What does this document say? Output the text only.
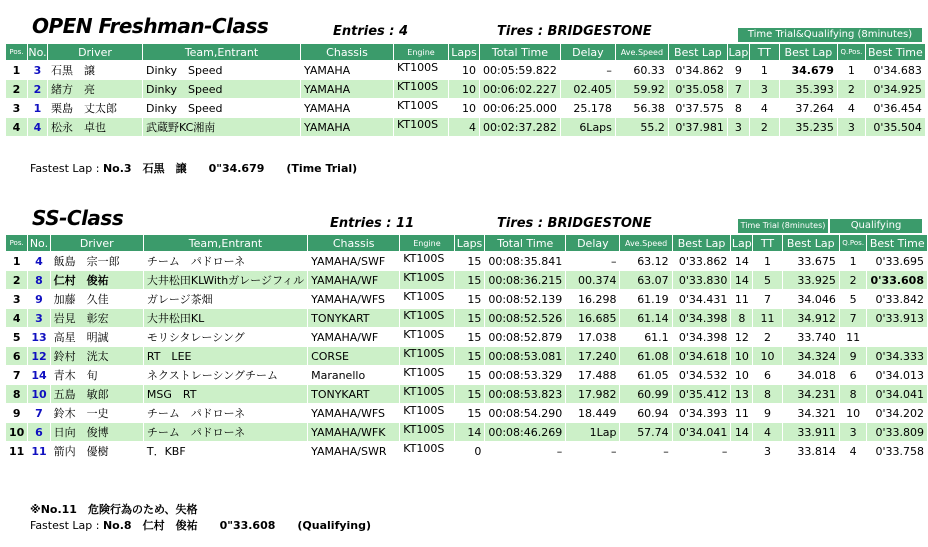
OPEN Freshman-Class	Entries : 4	Tires : BRIDGESTONE	Time Trial&Qualifying (8minutes)
Pos.	No.	Driver	Team,Entrant	Chassis	Engine	Laps	Total Time	Delay	Ave.Speed	Best Lap	Lap	TT	Best Lap	Q.Pos.	Best Time
1	3	石黒　譲	Dinky　Speed	YAMAHA	KT100S	10	00:05:59.822	–	60.33	0'34.862	9	1	34.679	1	0'34.683
2	2	緒方　亮	Dinky　Speed	YAMAHA	KT100S	10	00:06:02.227	02.405	59.92	0'35.058	7	3	35.393	2	0'34.925
3	1	栗島　丈太郎	Dinky　Speed	YAMAHA	KT100S	10	00:06:25.000	25.178	56.38	0'37.575	8	4	37.264	4	0'36.454
4	4	松永　卓也	武蔵野KC湘南	YAMAHA	KT100S	4	00:02:37.282	6Laps	55.2	0'37.981	3	2	35.235	3	0'35.504
Fastest Lap : No.3　石黒　譲　　0"34.679　　(Time Trial)
SS-Class	Entries : 11	Tires : BRIDGESTONE	Time Trial (8minutes)	Qualifying
Pos.	No.	Driver	Team,Entrant	Chassis	Engine	Laps	Total Time	Delay	Ave.Speed	Best Lap	Lap	TT	Best Lap	Q.Pos.	Best Time
1	4	飯島　宗一郎	チーム　パドローネ	YAMAHA/SWF	KT100S	15	00:08:35.841	–	63.12	0'33.862	14	1	33.675	1	0'33.695
2	8	仁村　俊祐	大井松田KLWithガレージフィル	YAMAHA/WF	KT100S	15	00:08:36.215	00.374	63.07	0'33.830	14	5	33.925	2	0'33.608
3	9	加藤　久佳	ガレージ茶畑	YAMAHA/WFS	KT100S	15	00:08:52.139	16.298	61.19	0'34.431	11	7	34.046	5	0'33.842
4	3	岩見　彰宏	大井松田KL	TONYKART	KT100S	15	00:08:52.526	16.685	61.14	0'34.398	8	11	34.912	7	0'33.913
5	13	高星　明誠	モリシタレーシング	YAMAHA/WF	KT100S	15	00:08:52.879	17.038	61.1	0'34.398	12	2	33.740	11	
6	12	鈴村　洸太	RT　LEE	CORSE	KT100S	15	00:08:53.081	17.240	61.08	0'34.618	10	10	34.324	9	0'34.333
7	14	青木　旬	ネクストレーシングチーム	Maranello	KT100S	15	00:08:53.329	17.488	61.05	0'34.532	10	6	34.018	6	0'34.013
8	10	五島　敏郎	MSG　RT	TONYKART	KT100S	15	00:08:53.823	17.982	60.99	0'35.412	13	8	34.231	8	0'34.041
9	7	鈴木　一史	チーム　パドローネ	YAMAHA/WFS	KT100S	15	00:08:54.290	18.449	60.94	0'34.393	11	9	34.321	10	0'34.202
10	6	日向　俊博	チーム　パドローネ	YAMAHA/WFK	KT100S	14	00:08:46.269	1Lap	57.74	0'34.041	14	4	33.911	3	0'33.809
11	11	箭内　優樹	T．KBF	YAMAHA/SWR	KT100S	0	–	–	–	–		3	33.814	4	0'33.758
※No.11　危険行為のため、失格
Fastest Lap : No.8　仁村　俊祐　　0"33.608　　(Qualifying)
